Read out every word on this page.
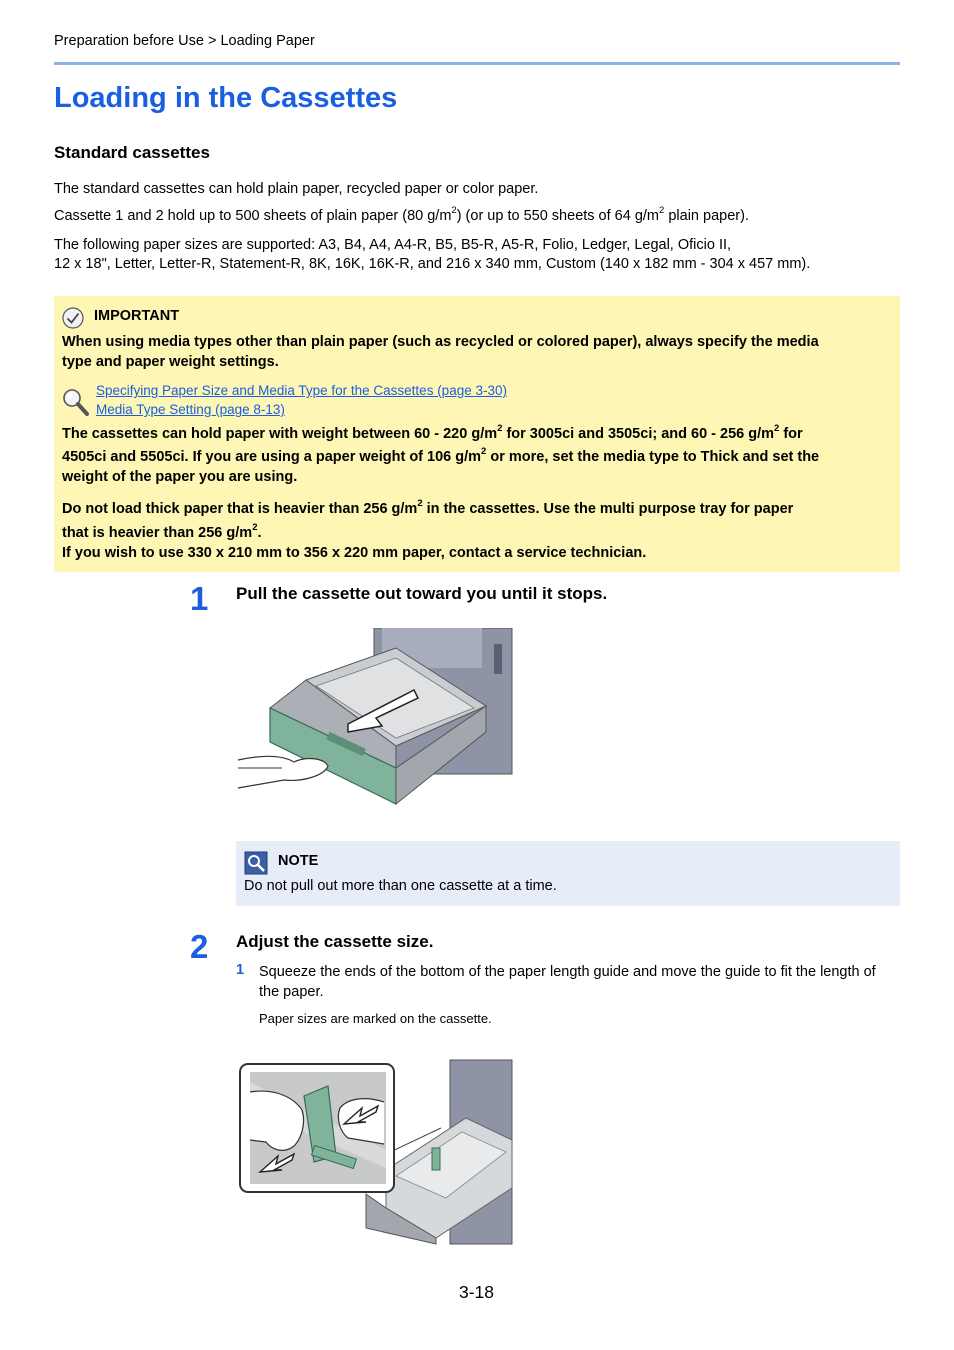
Preparation before Use > Loading Paper
Loading in the Cassettes
Standard cassettes
The standard cassettes can hold plain paper, recycled paper or color paper.
Cassette 1 and 2 hold up to 500 sheets of plain paper (80 $g/m^2$) (or up to 550 sheets of 64 $g/m^2$ plain paper).
The following paper sizes are supported: A3, B4, A4, A4-R, B5, B5-R, A5-R, Folio, Ledger, Legal, Oficio II,
12 x 18", Letter, Letter-R, Statement-R, 8K, 16K, 16K-R, and 216 x 340 mm, Custom (140 x 182 mm - 304 x 457 mm).
IMPORTANT
When using media types other than plain paper (such as recycled or colored paper), always specify the media
type and paper weight settings.
Specifying Paper Size and Media Type for the Cassettes (page 3-30)
Media Type Setting (page 8-13)
The cassettes can hold paper with weight between 60 - 220 $g/m^2$ for 3005ci and 3505ci; and 60 - 256 $g/m^2$ for
4505ci and 5505ci. If you are using a paper weight of 106 $g/m^2$ or more, set the media type to Thick and set the
weight of the paper you are using.
Do not load thick paper that is heavier than 256 $g/m^2$ in the cassettes. Use the multi purpose tray for paper
that is heavier than 256 $g/m^2$.
If you wish to use 330 x 210 mm to 356 x 220 mm paper, contact a service technician.
1 Pull the cassette out toward you until it stops.
NOTE
Do not pull out more than one cassette at a time.
2 Adjust the cassette size.
1 Squeeze the ends of the bottom of the paper length guide and move the guide to fit the length of the paper.
Paper sizes are marked on the cassette.
3-18
